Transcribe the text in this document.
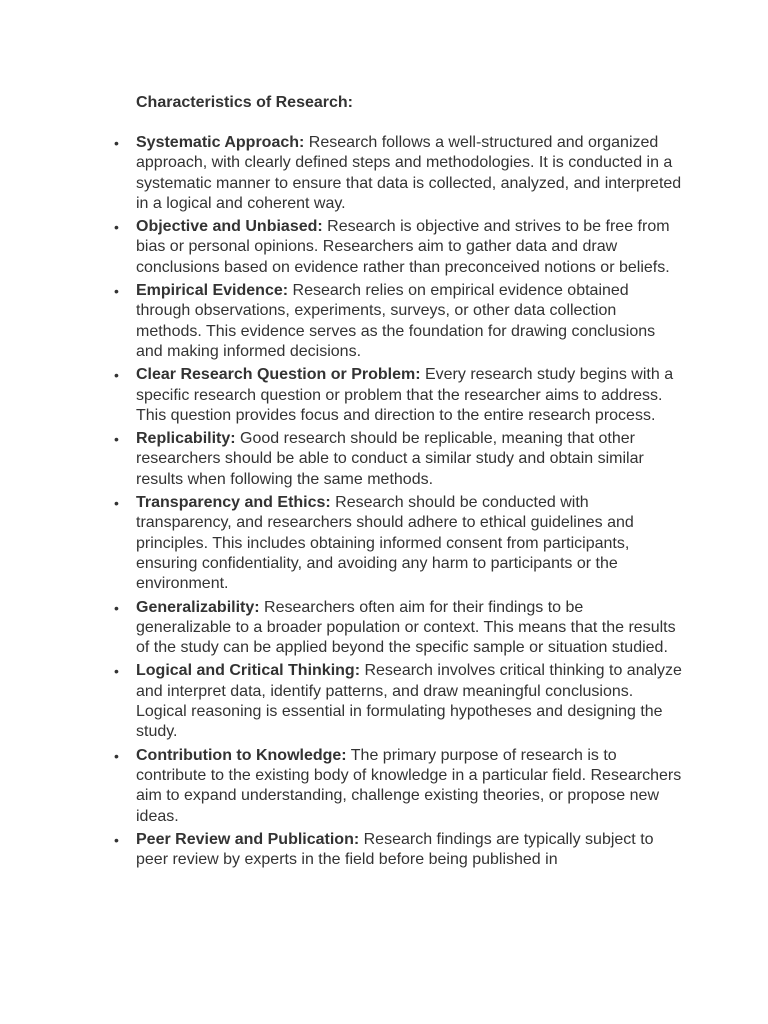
Characteristics of Research:
• Systematic Approach: Research follows a well-structured and organized approach, with clearly defined steps and methodologies. It is conducted in a systematic manner to ensure that data is collected, analyzed, and interpreted in a logical and coherent way.
• Objective and Unbiased: Research is objective and strives to be free from bias or personal opinions. Researchers aim to gather data and draw conclusions based on evidence rather than preconceived notions or beliefs.
• Empirical Evidence: Research relies on empirical evidence obtained through observations, experiments, surveys, or other data collection methods. This evidence serves as the foundation for drawing conclusions and making informed decisions.
• Clear Research Question or Problem: Every research study begins with a specific research question or problem that the researcher aims to address. This question provides focus and direction to the entire research process.
• Replicability: Good research should be replicable, meaning that other researchers should be able to conduct a similar study and obtain similar results when following the same methods.
• Transparency and Ethics: Research should be conducted with transparency, and researchers should adhere to ethical guidelines and principles. This includes obtaining informed consent from participants, ensuring confidentiality, and avoiding any harm to participants or the environment.
• Generalizability: Researchers often aim for their findings to be generalizable to a broader population or context. This means that the results of the study can be applied beyond the specific sample or situation studied.
• Logical and Critical Thinking: Research involves critical thinking to analyze and interpret data, identify patterns, and draw meaningful conclusions. Logical reasoning is essential in formulating hypotheses and designing the study.
• Contribution to Knowledge: The primary purpose of research is to contribute to the existing body of knowledge in a particular field. Researchers aim to expand understanding, challenge existing theories, or propose new ideas.
• Peer Review and Publication: Research findings are typically subject to peer review by experts in the field before being published in
